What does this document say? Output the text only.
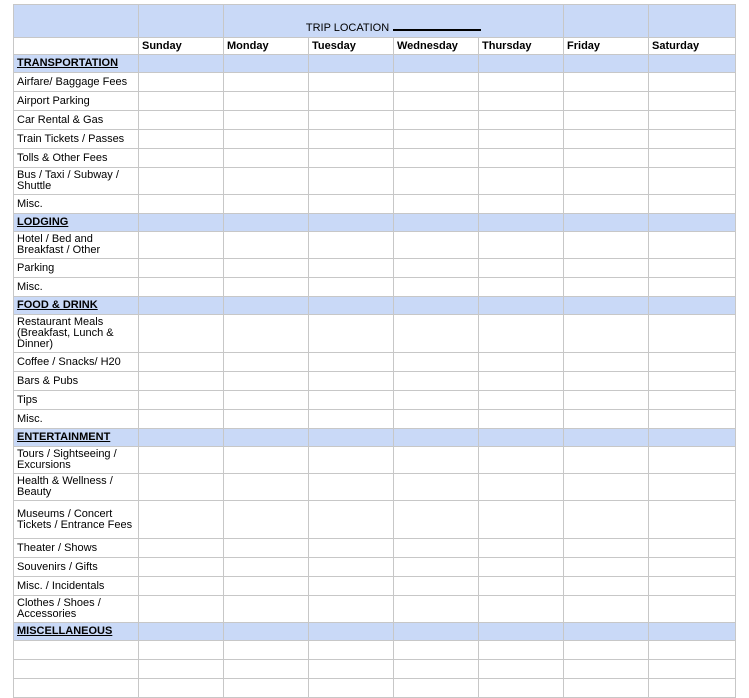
		TRIP LOCATION					
	Sunday	Monday	Tuesday	Wednesday	Thursday	Friday	Saturday
TRANSPORTATION							
Airfare/ Baggage Fees							
Airport Parking							
Car Rental & Gas							
Train Tickets / Passes							
Tolls & Other Fees							
Bus / Taxi / Subway / Shuttle							
Misc.							
LODGING							
Hotel / Bed and Breakfast / Other							
Parking							
Misc.							
FOOD & DRINK							
Restaurant Meals (Breakfast, Lunch & Dinner)							
Coffee / Snacks/ H20							
Bars & Pubs							
Tips							
Misc.							
ENTERTAINMENT							
Tours / Sightseeing / Excursions							
Health & Wellness / Beauty							
Museums / Concert Tickets / Entrance Fees							
Theater / Shows							
Souvenirs / Gifts							
Misc. / Incidentals							
Clothes / Shoes / Accessories							
MISCELLANEOUS							
